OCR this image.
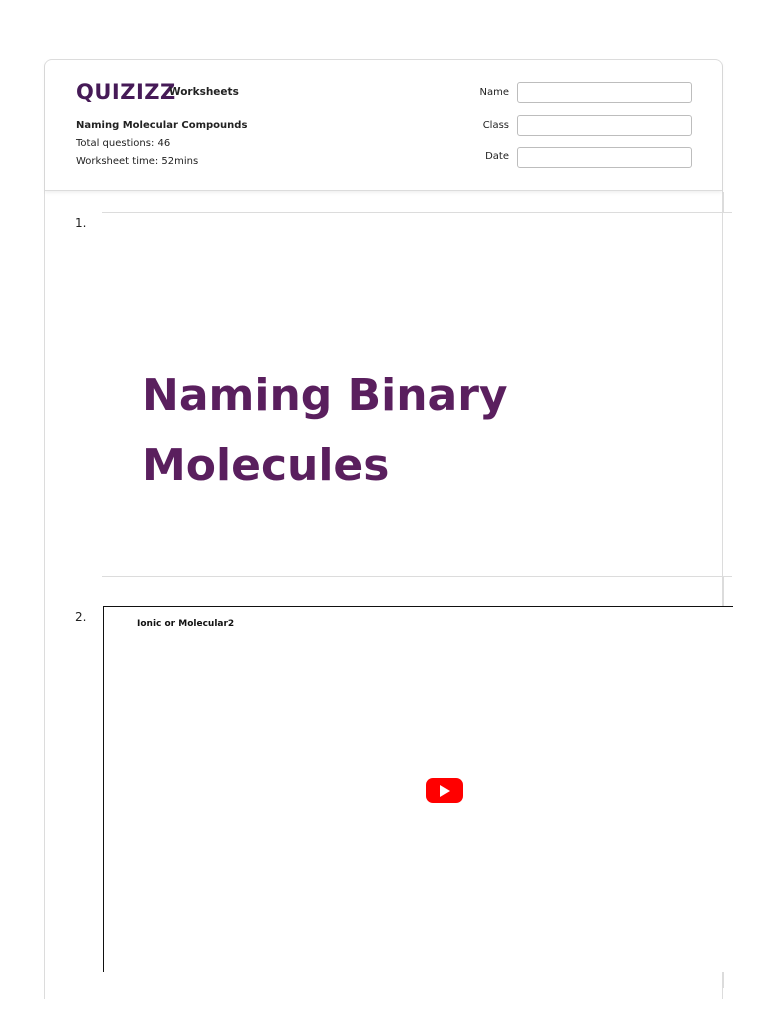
QUIZIZZ
Worksheets
Naming Molecular Compounds
Total questions: 46
Worksheet time: 52mins
Name
Class
Date
1.
Naming Binary
Molecules
2.	Ionic or Molecular2
